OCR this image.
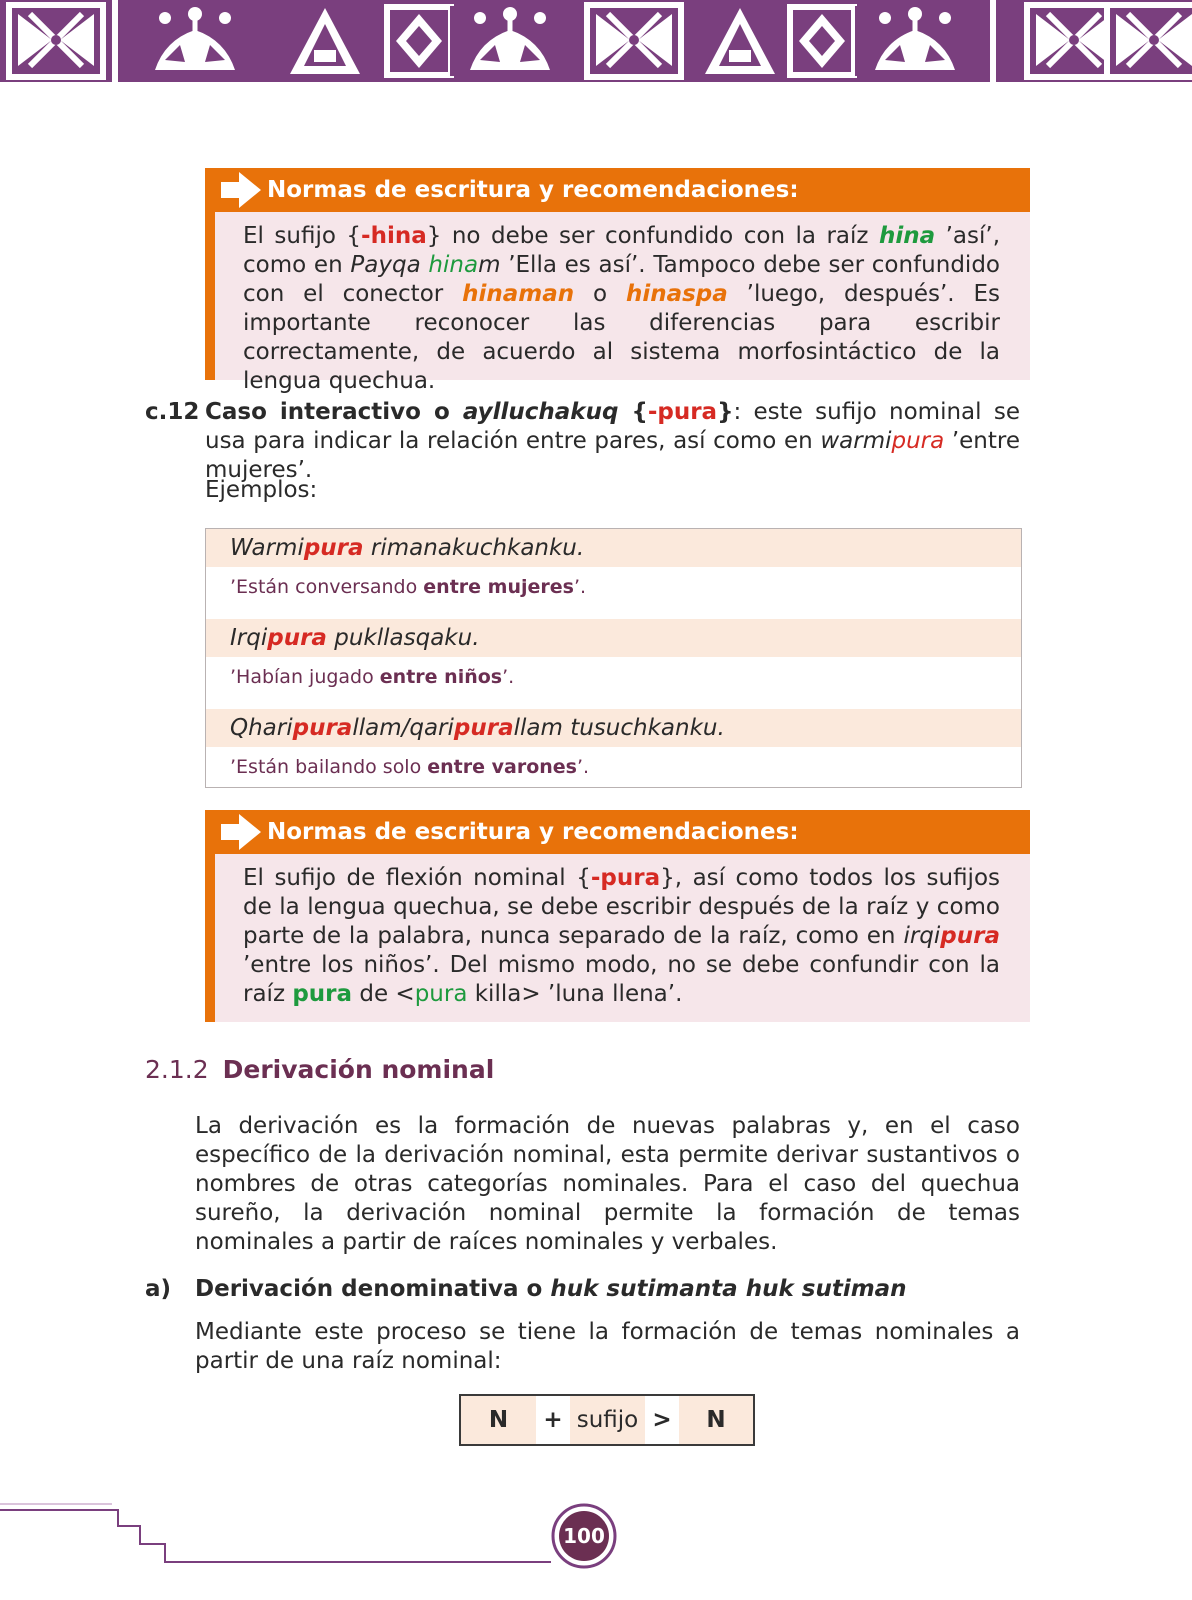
Normas de escritura y recomendaciones:

El sufijo {-hina} no debe ser confundido con la raíz hina ’así’, como en Payqa hinam ’Ella es así’. Tampoco debe ser confundido con el conector hinaman o hinaspa ’luego, después’. Es importante reconocer las diferencias para escribir correctamente, de acuerdo al sistema morfosintáctico de la lengua quechua.

c.12 Caso interactivo o aylluchakuq {-pura}: este sufijo nominal se usa para indicar la relación entre pares, así como en warmipura ’entre mujeres’.

Ejemplos:
Warmipura rimanakuchkanku.
’Están conversando entre mujeres’.
Irqipura pukllasqaku.
’Habían jugado entre niños’.
Qharipurallam/qaripurallam tusuchkanku.
’Están bailando solo entre varones’.
Normas de escritura y recomendaciones:

El sufijo de flexión nominal {-pura}, así como todos los sufijos de la lengua quechua, se debe escribir después de la raíz y como parte de la palabra, nunca separado de la raíz, como en irqipura ’entre los niños’. Del mismo modo, no se debe confundir con la raíz pura de <pura killa> ’luna llena’.

2.1.2 Derivación nominal

La derivación es la formación de nuevas palabras y, en el caso específico de la derivación nominal, esta permite derivar sustantivos o nombres de otras categorías nominales. Para el caso del quechua sureño, la derivación nominal permite la formación de temas nominales a partir de raíces nominales y verbales.

a) Derivación denominativa o huk sutimanta huk sutiman

Mediante este proceso se tiene la formación de temas nominales a partir de una raíz nominal:

N	+ sufijo >	N
100
